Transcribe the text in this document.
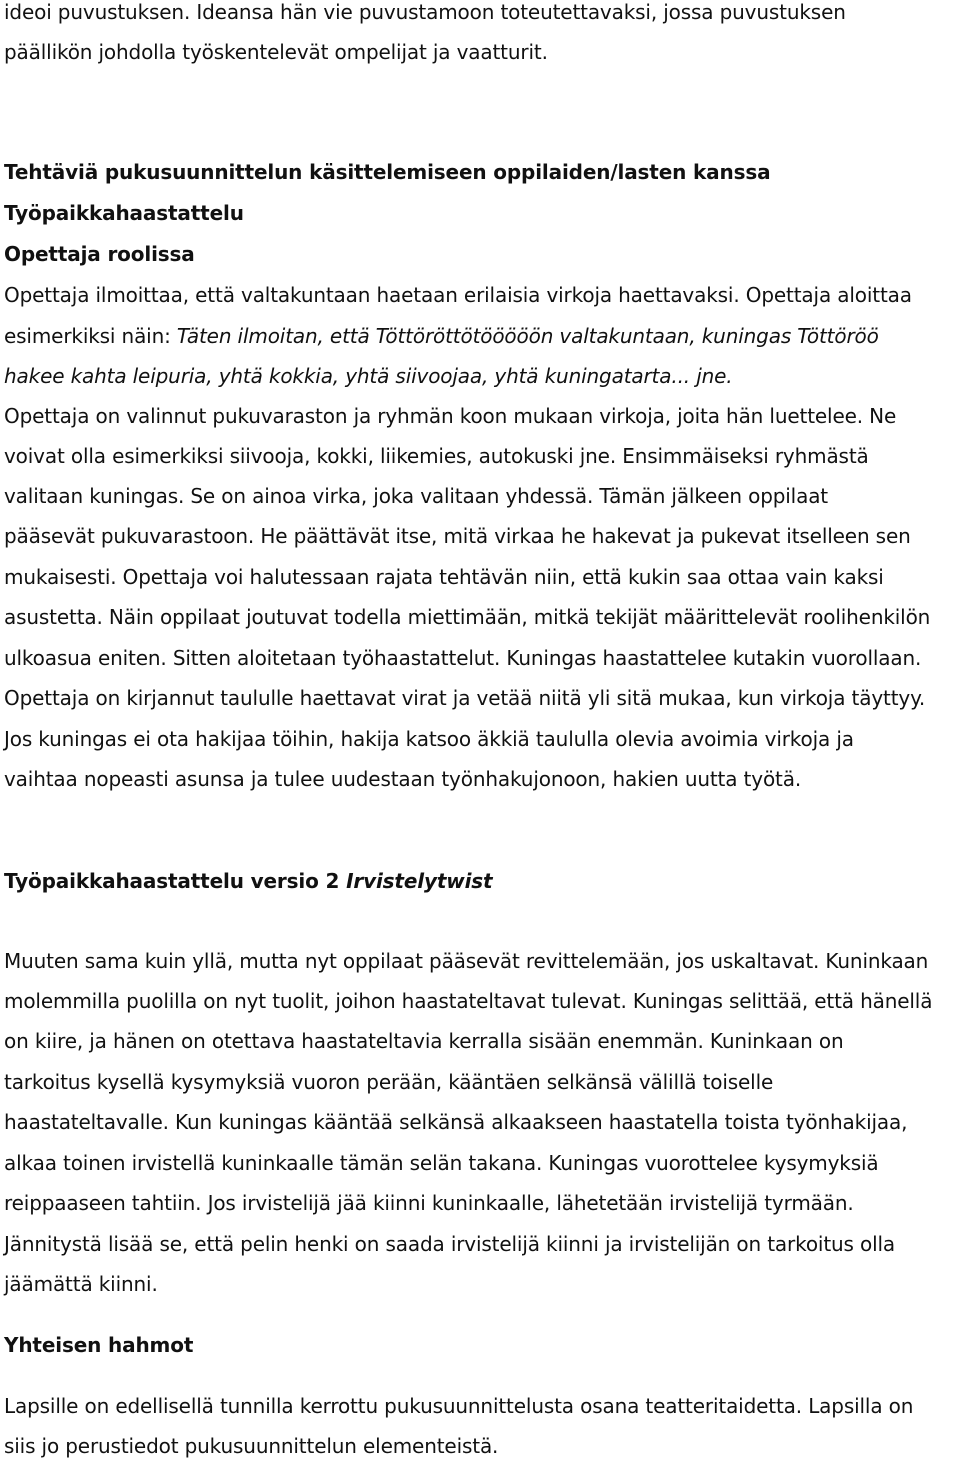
ideoi puvustuksen. Ideansa hän vie puvustamoon toteutettavaksi, jossa puvustuksen
päällikön johdolla työskentelevät ompelijat ja vaatturit.
Tehtäviä pukusuunnittelun käsittelemiseen oppilaiden/lasten kanssa
Työpaikkahaastattelu
Opettaja roolissa
Opettaja ilmoittaa, että valtakuntaan haetaan erilaisia virkoja haettavaksi. Opettaja aloittaa
esimerkiksi näin: Täten ilmoitan, että Töttöröttötööööön valtakuntaan, kuningas Töttöröö
hakee kahta leipuria, yhtä kokkia, yhtä siivoojaa, yhtä kuningatarta... jne.
Opettaja on valinnut pukuvaraston ja ryhmän koon mukaan virkoja, joita hän luettelee. Ne
voivat olla esimerkiksi siivooja, kokki, liikemies, autokuski jne. Ensimmäiseksi ryhmästä
valitaan kuningas. Se on ainoa virka, joka valitaan yhdessä. Tämän jälkeen oppilaat
pääsevät pukuvarastoon. He päättävät itse, mitä virkaa he hakevat ja pukevat itselleen sen
mukaisesti. Opettaja voi halutessaan rajata tehtävän niin, että kukin saa ottaa vain kaksi
asustetta. Näin oppilaat joutuvat todella miettimään, mitkä tekijät määrittelevät roolihenkilön
ulkoasua eniten. Sitten aloitetaan työhaastattelut. Kuningas haastattelee kutakin vuorollaan.
Opettaja on kirjannut taululle haettavat virat ja vetää niitä yli sitä mukaa, kun virkoja täyttyy.
Jos kuningas ei ota hakijaa töihin, hakija katsoo äkkiä taululla olevia avoimia virkoja ja
vaihtaa nopeasti asunsa ja tulee uudestaan työnhakujonoon, hakien uutta työtä.
Työpaikkahaastattelu versio 2 Irvistelytwist
Muuten sama kuin yllä, mutta nyt oppilaat pääsevät revittelemään, jos uskaltavat. Kuninkaan
molemmilla puolilla on nyt tuolit, joihon haastateltavat tulevat. Kuningas selittää, että hänellä
on kiire, ja hänen on otettava haastateltavia kerralla sisään enemmän. Kuninkaan on
tarkoitus kysellä kysymyksiä vuoron perään, kääntäen selkänsä välillä toiselle
haastateltavalle. Kun kuningas kääntää selkänsä alkaakseen haastatella toista työnhakijaa,
alkaa toinen irvistellä kuninkaalle tämän selän takana. Kuningas vuorottelee kysymyksiä
reippaaseen tahtiin. Jos irvistelijä jää kiinni kuninkaalle, lähetetään irvistelijä tyrmään.
Jännitystä lisää se, että pelin henki on saada irvistelijä kiinni ja irvistelijän on tarkoitus olla
jäämättä kiinni.
Yhteisen hahmot
Lapsille on edellisellä tunnilla kerrottu pukusuunnittelusta osana teatteritaidetta. Lapsilla on
siis jo perustiedot pukusuunnittelun elementeistä.
